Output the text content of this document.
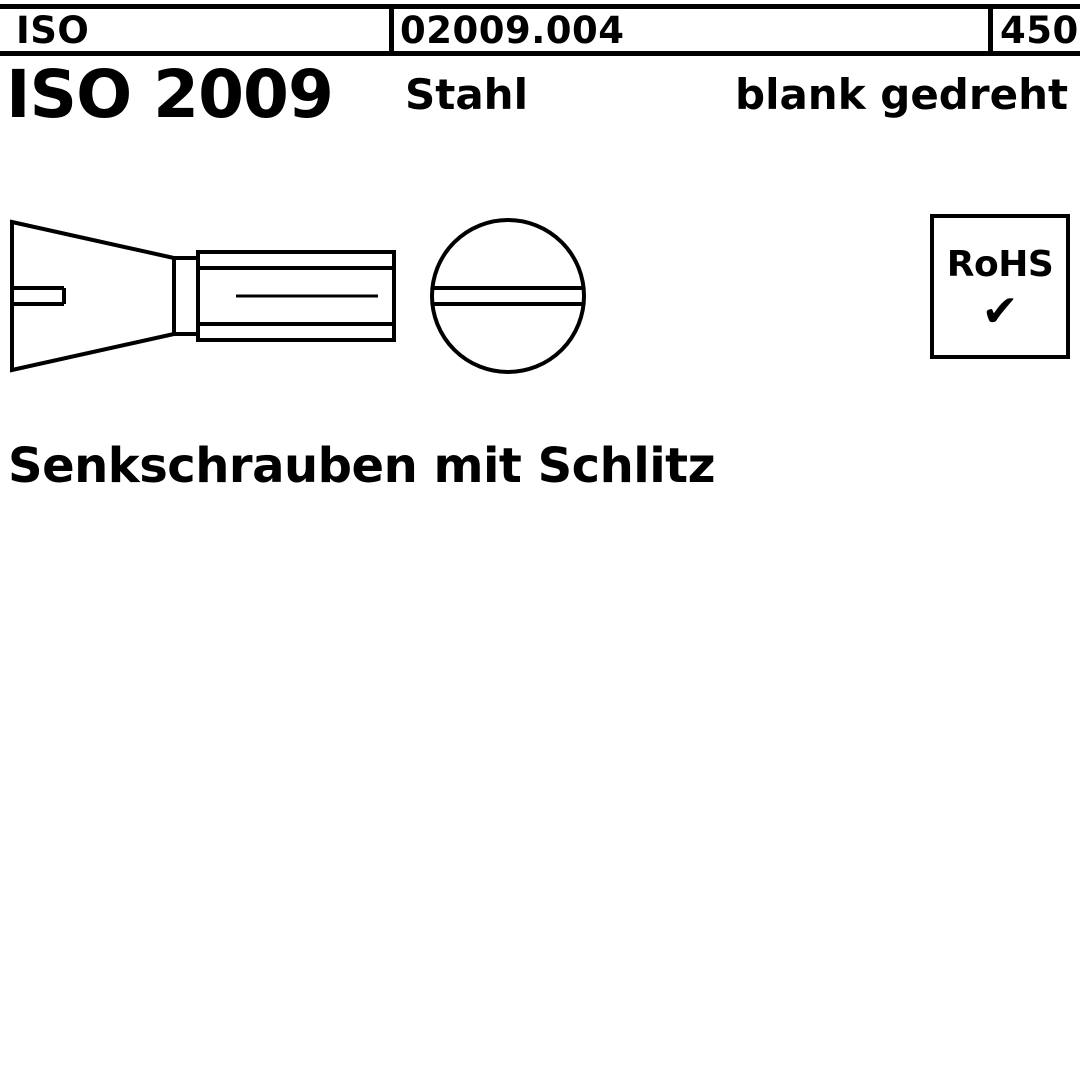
ISO	02009.004	450
ISO 2009 Stahl	blank gedreht
RoHS
✔
Senkschrauben mit Schlitz
